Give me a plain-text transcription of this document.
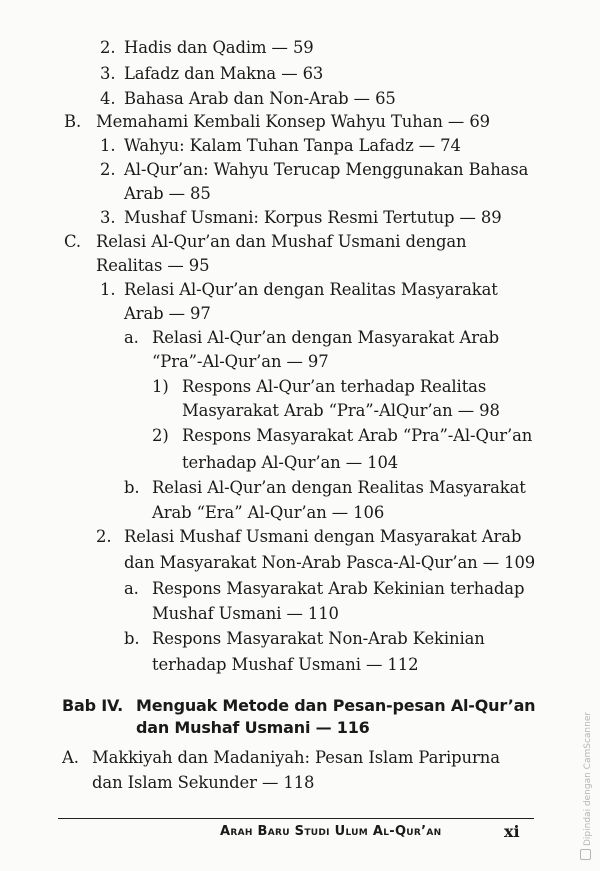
2. Hadis dan Qadim — 59
3. Lafadz dan Makna — 63
4. Bahasa Arab dan Non-Arab — 65
B. Memahami Kembali Konsep Wahyu Tuhan — 69
1. Wahyu: Kalam Tuhan Tanpa Lafadz — 74
2. Al-Qur’an: Wahyu Terucap Menggunakan Bahasa
Arab — 85
3. Mushaf Usmani: Korpus Resmi Tertutup — 89
C. Relasi Al-Qur’an dan Mushaf Usmani dengan
Realitas — 95
1. Relasi Al-Qur’an dengan Realitas Masyarakat
Arab — 97
a. Relasi Al-Qur’an dengan Masyarakat Arab
“Pra”-Al-Qur’an — 97
1) Respons Al-Qur’an terhadap Realitas
Masyarakat Arab “Pra”-AlQur’an — 98
2) Respons Masyarakat Arab “Pra”-Al-Qur’an
terhadap Al-Qur’an — 104
b. Relasi Al-Qur’an dengan Realitas Masyarakat
Arab “Era” Al-Qur’an — 106
2. Relasi Mushaf Usmani dengan Masyarakat Arab
dan Masyarakat Non-Arab Pasca-Al-Qur’an — 109
a. Respons Masyarakat Arab Kekinian terhadap
Mushaf Usmani — 110
b. Respons Masyarakat Non-Arab Kekinian
terhadap Mushaf Usmani — 112
Bab IV. Menguak Metode dan Pesan-pesan Al-Qur’an
dan Mushaf Usmani — 116
A. Makkiyah dan Madaniyah: Pesan Islam Paripurna
dan Islam Sekunder — 118
Arah Baru Studi Ulum Al-Qur’an	xi	Dipindai dengan CamScanner
